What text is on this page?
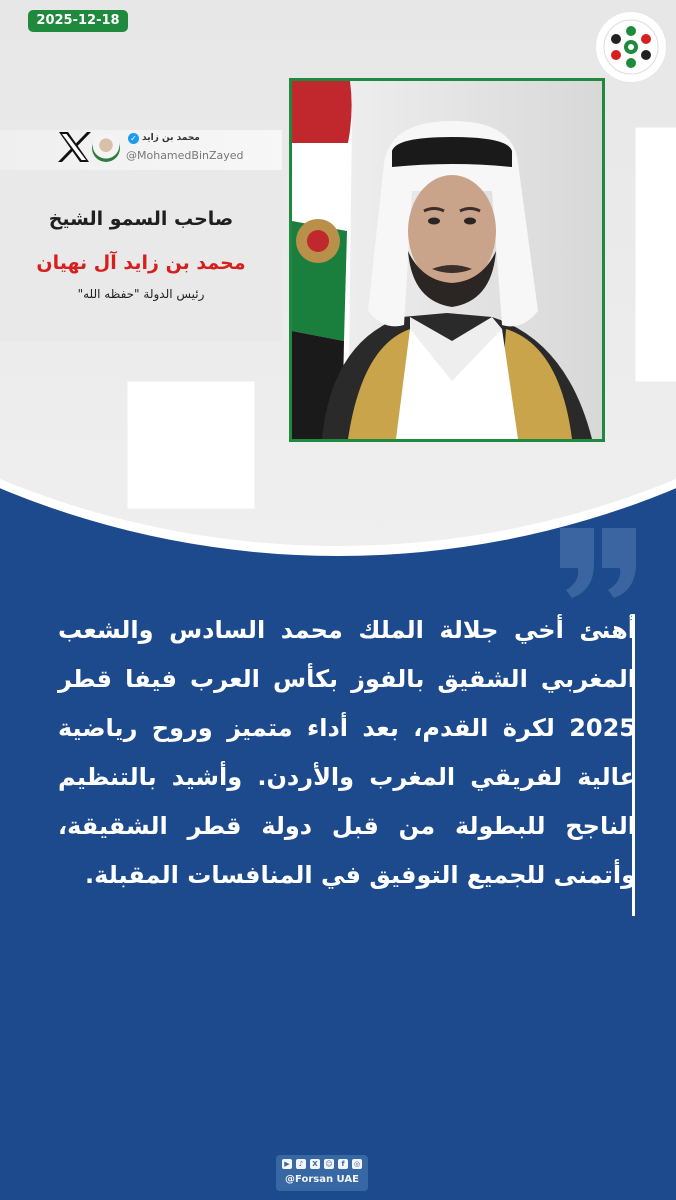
2025-12-18
✓ محمد بن زايد
@MohamedBinZayed
صاحب السمو الشيخ
محمد بن زايد آل نهيان
رئيس الدولة "حفظه الله"
أهنئ أخي جلالة الملك محمد السادس والشعب المغربي الشقيق بالفوز بكأس العرب فيفا قطر 2025 لكرة القدم، بعد أداء متميز وروح رياضية عالية لفريقي المغرب والأردن. وأشيد بالتنظيم الناجح للبطولة من قبل دولة قطر الشقيقة، وأتمنى للجميع التوفيق في المنافسات المقبلة.
▶	♪	X	☺	f	◎
@Forsan UAE
